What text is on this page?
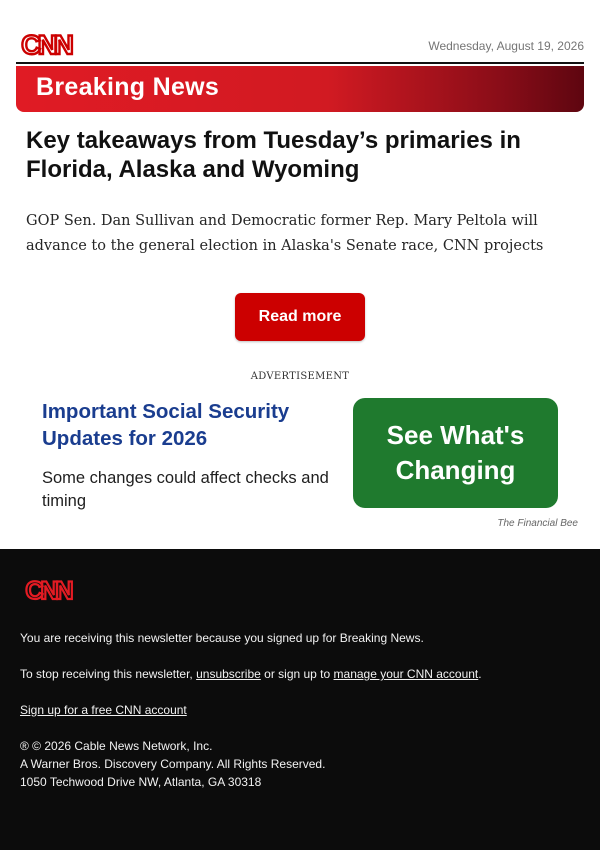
CNN	Wednesday, August 19, 2026
Breaking News
Key takeaways from Tuesday’s primaries in Florida, Alaska and Wyoming

GOP Sen. Dan Sullivan and Democratic former Rep. Mary Peltola will advance to the general election in Alaska's Senate race, CNN projects

Read more
ADVERTISEMENT
Important Social Security Updates for 2026
Some changes could affect checks and timing
See What's Changing
The Financial Bee
CNN
You are receiving this newsletter because you signed up for Breaking News.
To stop receiving this newsletter, unsubscribe or sign up to manage your CNN account.
Sign up for a free CNN account
® © 2026 Cable News Network, Inc.
A Warner Bros. Discovery Company. All Rights Reserved.
1050 Techwood Drive NW, Atlanta, GA 30318
